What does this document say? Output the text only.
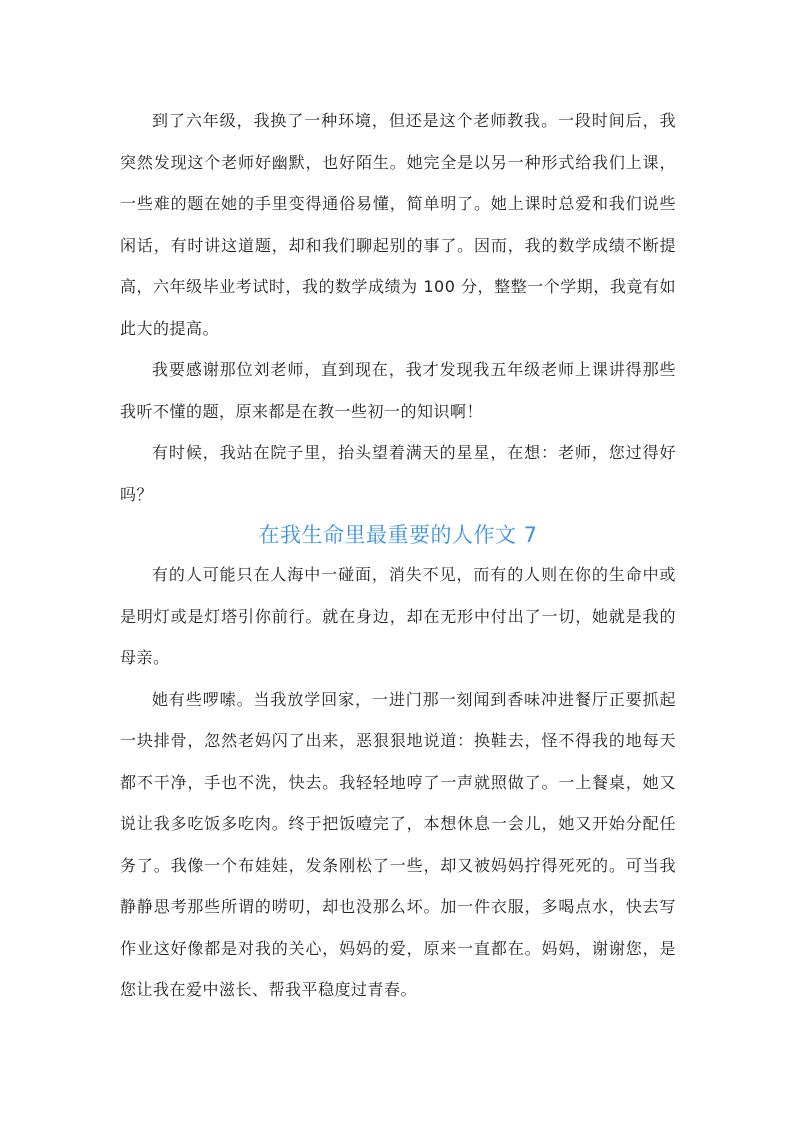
到了六年级，我换了一种环境，但还是这个老师教我。一段时间后，我突然发现这个老师好幽默，也好陌生。她完全是以另一种形式给我们上课，一些难的题在她的手里变得通俗易懂，简单明了。她上课时总爱和我们说些闲话，有时讲这道题，却和我们聊起别的事了。因而，我的数学成绩不断提高，六年级毕业考试时，我的数学成绩为 100 分，整整一个学期，我竟有如此大的提高。

我要感谢那位刘老师，直到现在，我才发现我五年级老师上课讲得那些我听不懂的题，原来都是在教一些初一的知识啊！

有时候，我站在院子里，抬头望着满天的星星，在想：老师，您过得好吗？

在我生命里最重要的人作文 7

有的人可能只在人海中一碰面，消失不见，而有的人则在你的生命中或是明灯或是灯塔引你前行。就在身边，却在无形中付出了一切，她就是我的母亲。

她有些啰嗦。当我放学回家，一进门那一刻闻到香味冲进餐厅正要抓起一块排骨，忽然老妈闪了出来，恶狠狠地说道：换鞋去，怪不得我的地每天都不干净，手也不洗，快去。我轻轻地哼了一声就照做了。一上餐桌，她又说让我多吃饭多吃肉。终于把饭噎完了，本想休息一会儿，她又开始分配任务了。我像一个布娃娃，发条刚松了一些，却又被妈妈拧得死死的。可当我静静思考那些所谓的唠叨，却也没那么坏。加一件衣服，多喝点水，快去写作业这好像都是对我的关心，妈妈的爱，原来一直都在。妈妈，谢谢您，是您让我在爱中滋长、帮我平稳度过青春。
